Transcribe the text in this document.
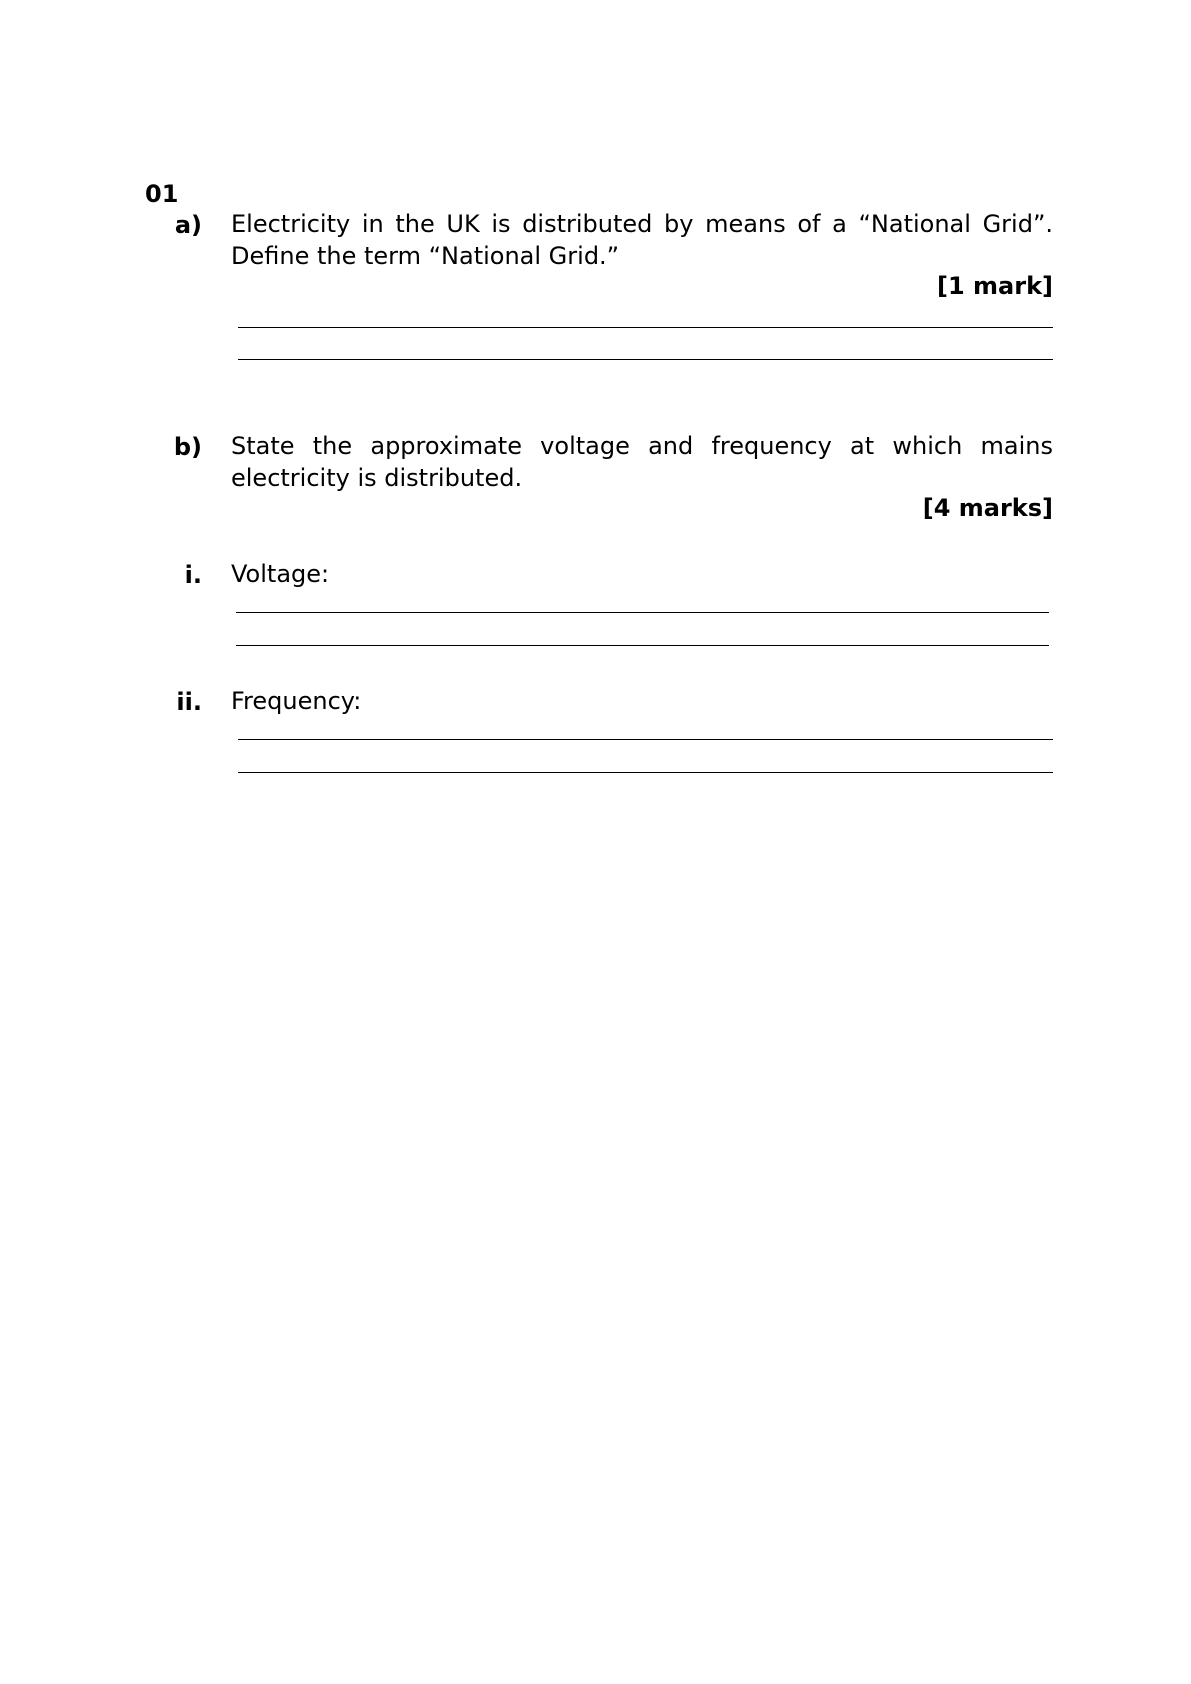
01
a) Electricity in the UK is distributed by means of a “National Grid”.
Define the term “National Grid.”
[1 mark]
b) State the approximate voltage and frequency at which mains
electricity is distributed.
[4 marks]
i. Voltage:
ii. Frequency:
